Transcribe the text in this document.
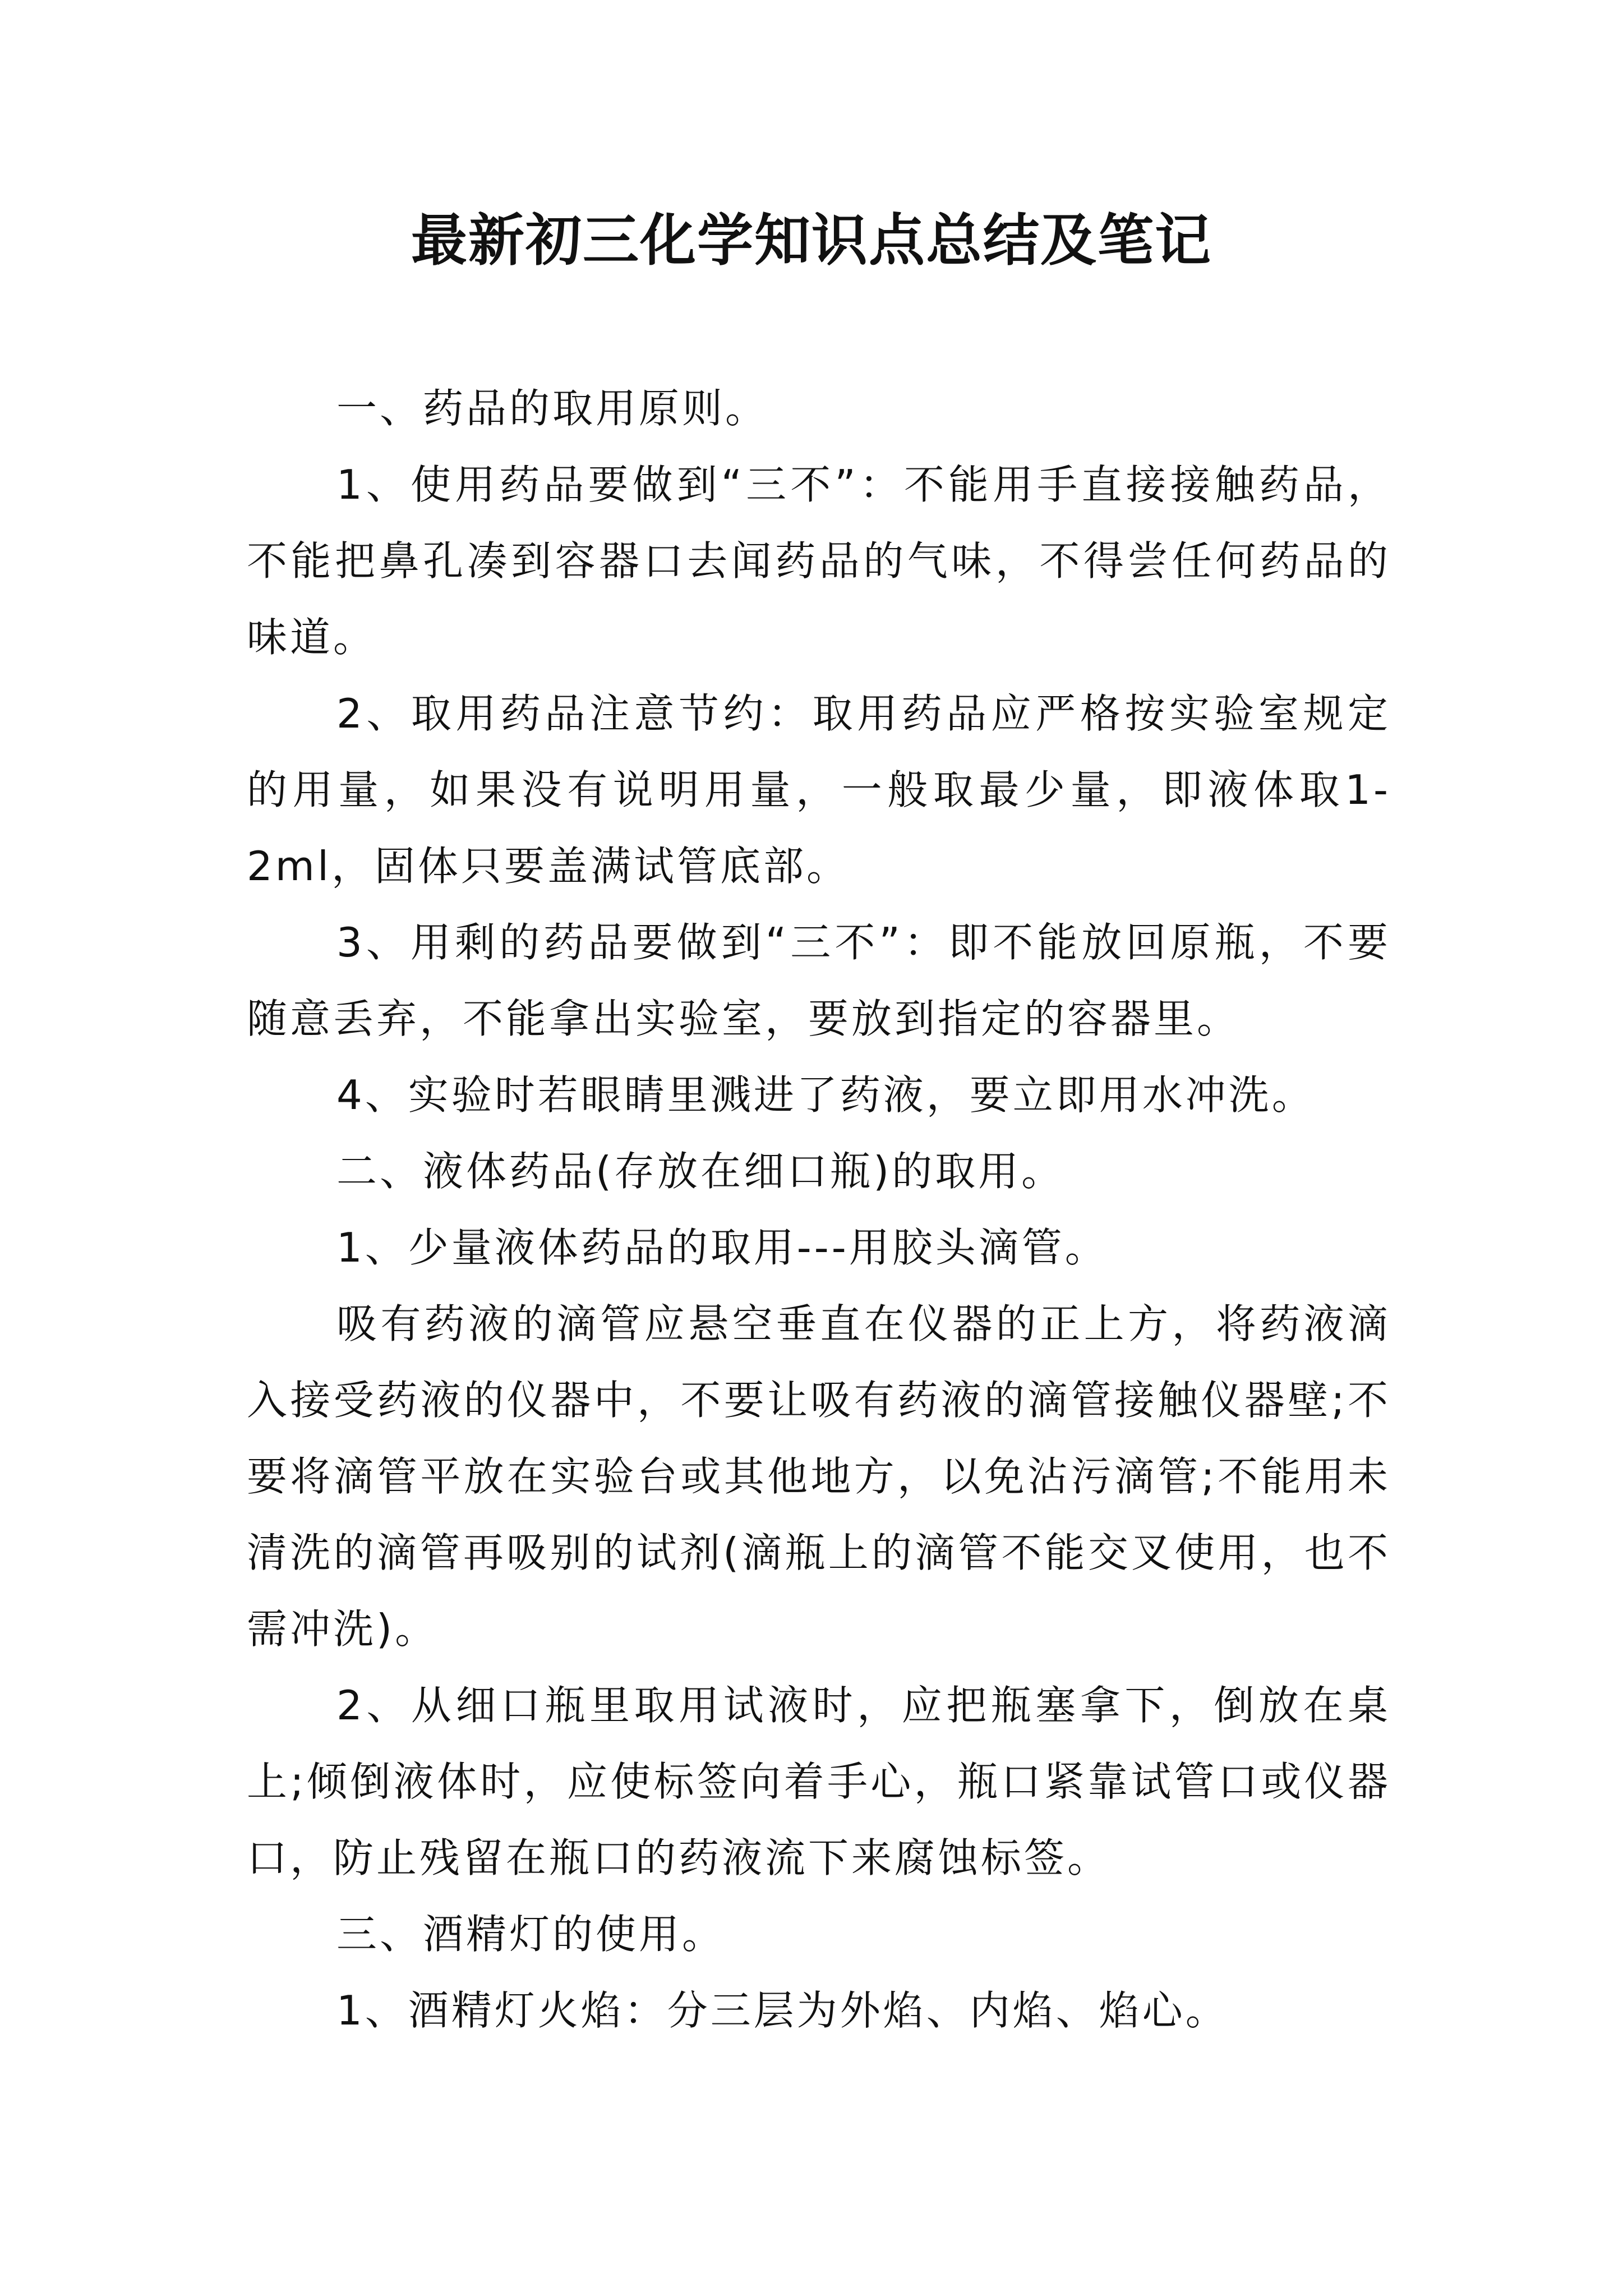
最新初三化学知识点总结及笔记

一、药品的取用原则。

1、使用药品要做到“三不”：不能用手直接接触药品，不能把鼻孔凑到容器口去闻药品的气味，不得尝任何药品的味道。

2、取用药品注意节约：取用药品应严格按实验室规定的用量，如果没有说明用量，一般取最少量，即液体取1-2ml，固体只要盖满试管底部。

3、用剩的药品要做到“三不”：即不能放回原瓶，不要随意丢弃，不能拿出实验室，要放到指定的容器里。

4、实验时若眼睛里溅进了药液，要立即用水冲洗。

二、液体药品(存放在细口瓶)的取用。

1、少量液体药品的取用---用胶头滴管。

吸有药液的滴管应悬空垂直在仪器的正上方，将药液滴入接受药液的仪器中，不要让吸有药液的滴管接触仪器壁;不要将滴管平放在实验台或其他地方，以免沾污滴管;不能用未清洗的滴管再吸别的试剂(滴瓶上的滴管不能交叉使用，也不需冲洗)。

2、从细口瓶里取用试液时，应把瓶塞拿下，倒放在桌上;倾倒液体时，应使标签向着手心，瓶口紧靠试管口或仪器口，防止残留在瓶口的药液流下来腐蚀标签。

三、酒精灯的使用。

1、酒精灯火焰：分三层为外焰、内焰、焰心。
